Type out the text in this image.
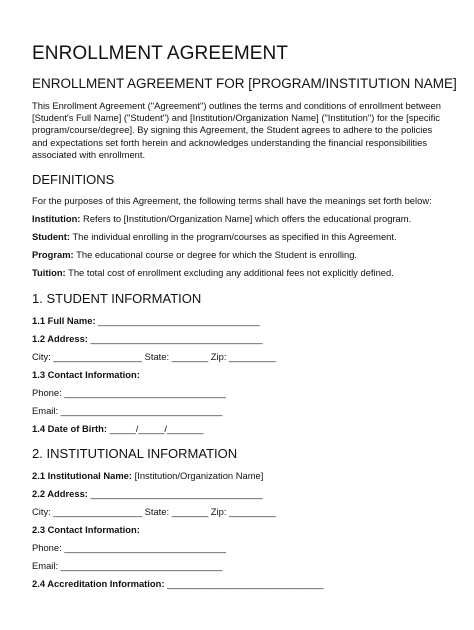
ENROLLMENT AGREEMENT
ENROLLMENT AGREEMENT FOR [PROGRAM/INSTITUTION NAME]
This Enrollment Agreement ("Agreement") outlines the terms and conditions of enrollment between [Student's Full Name] ("Student") and [Institution/Organization Name] ("Institution") for the [specific program/course/degree]. By signing this Agreement, the Student agrees to adhere to the policies and expectations set forth herein and acknowledges understanding the financial responsibilities associated with enrollment.
DEFINITIONS
For the purposes of this Agreement, the following terms shall have the meanings set forth below:
Institution: Refers to [Institution/Organization Name] which offers the educational program.
Student: The individual enrolling in the program/courses as specified in this Agreement.
Program: The educational course or degree for which the Student is enrolling.
Tuition: The total cost of enrollment excluding any additional fees not explicitly defined.
1. STUDENT INFORMATION
1.1 Full Name: _______________________________
1.2 Address: _________________________________
City: _________________ State: _______ Zip: _________
1.3 Contact Information:
Phone: _______________________________
Email: _______________________________
1.4 Date of Birth: _____/_____/_______
2. INSTITUTIONAL INFORMATION
2.1 Institutional Name: [Institution/Organization Name]
2.2 Address: _________________________________
City: _________________ State: _______ Zip: _________
2.3 Contact Information:
Phone: _______________________________
Email: _______________________________
2.4 Accreditation Information: ______________________________
